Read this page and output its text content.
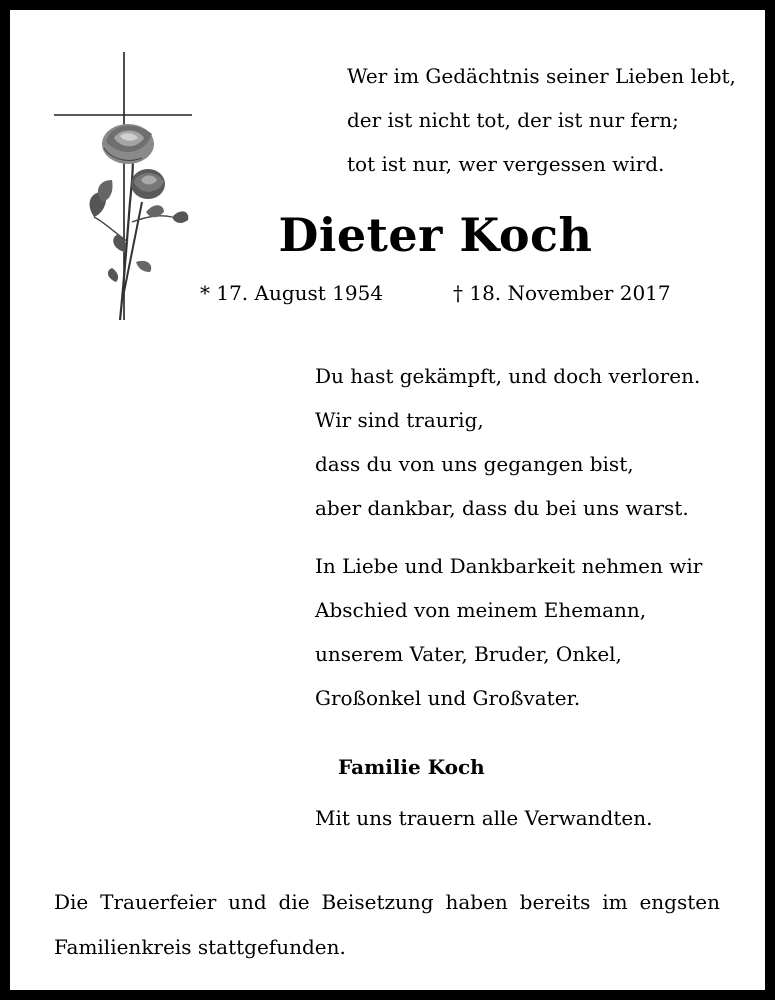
Wer im Gedächtnis seiner Lieben lebt,
der ist nicht tot, der ist nur fern;
tot ist nur, wer vergessen wird.
Dieter Koch
* 17. August 1954	† 18. November 2017
Du hast gekämpft, und doch verloren.
Wir sind traurig,
dass du von uns gegangen bist,
aber dankbar, dass du bei uns warst.
In Liebe und Dankbarkeit nehmen wir
Abschied von meinem Ehemann,
unserem Vater, Bruder, Onkel,
Großonkel und Großvater.
Familie Koch
Mit uns trauern alle Verwandten.
Die Trauerfeier und die Beisetzung haben bereits im engsten Familienkreis stattgefunden.
